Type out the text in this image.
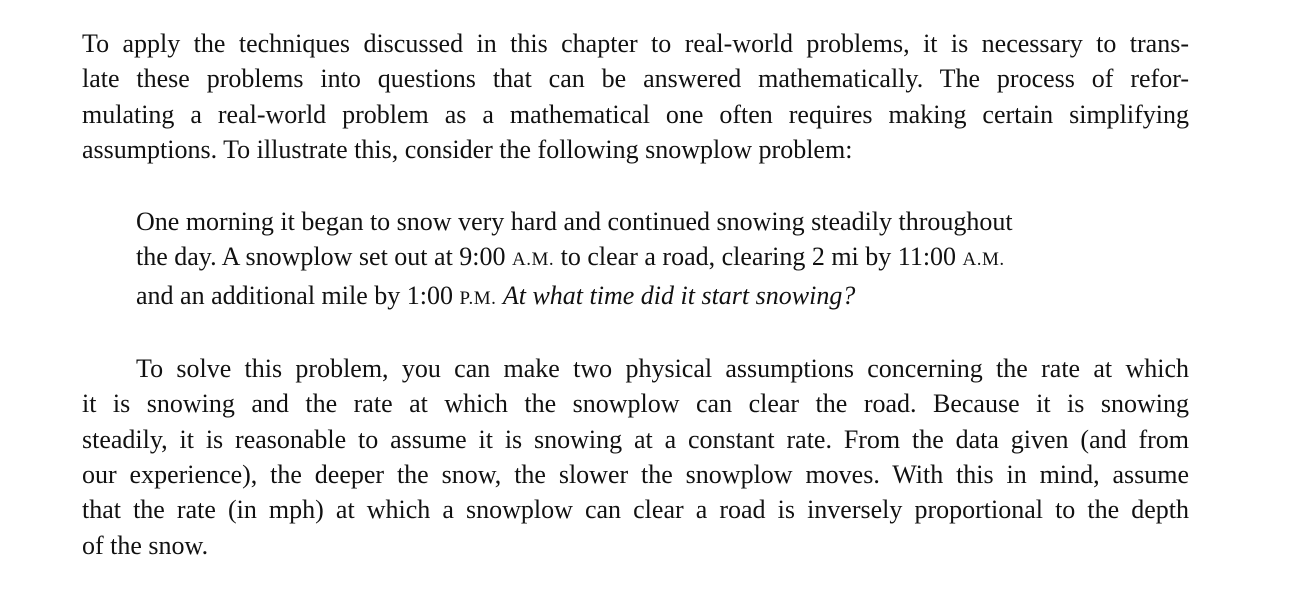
To apply the techniques discussed in this chapter to real-world problems, it is necessary to trans-
late these problems into questions that can be answered mathematically. The process of refor-
mulating a real-world problem as a mathematical one often requires making certain simplifying
assumptions. To illustrate this, consider the following snowplow problem:

One morning it began to snow very hard and continued snowing steadily throughout
the day. A snowplow set out at 9:00 A.M. to clear a road, clearing 2 mi by 11:00 A.M.
and an additional mile by 1:00 P.M. At what time did it start snowing?

To solve this problem, you can make two physical assumptions concerning the rate at which
it is snowing and the rate at which the snowplow can clear the road. Because it is snowing
steadily, it is reasonable to assume it is snowing at a constant rate. From the data given (and from
our experience), the deeper the snow, the slower the snowplow moves. With this in mind, assume
that the rate (in mph) at which a snowplow can clear a road is inversely proportional to the depth
of the snow.
